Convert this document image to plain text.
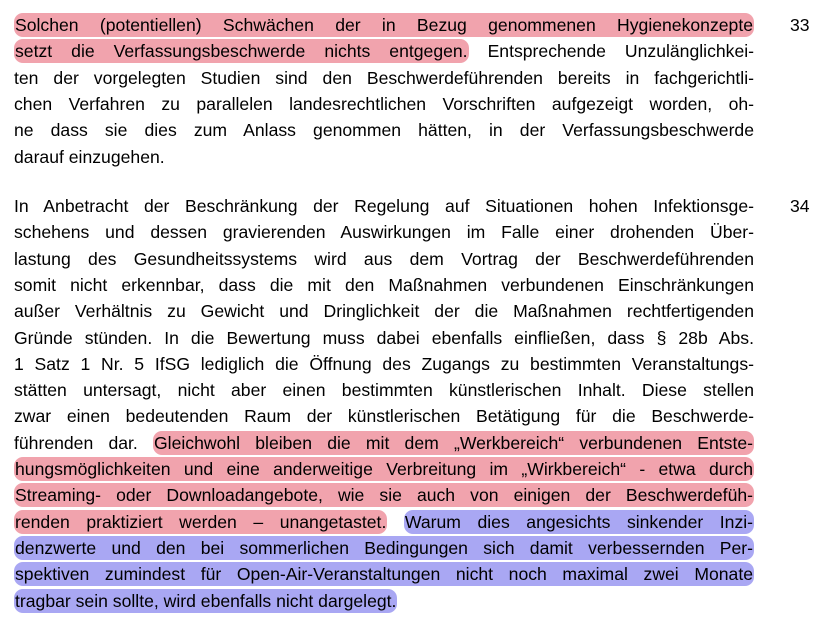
Solchen (potentiellen) Schwächen der in Bezug genommenen Hygienekonzepte
setzt die Verfassungsbeschwerde nichts entgegen. Entsprechende Unzulänglichkei-
ten der vorgelegten Studien sind den Beschwerdeführenden bereits in fachgerichtli-
chen Verfahren zu parallelen landesrechtlichen Vorschriften aufgezeigt worden, oh-
ne dass sie dies zum Anlass genommen hätten, in der Verfassungsbeschwerde
darauf einzugehen.
33
In Anbetracht der Beschränkung der Regelung auf Situationen hohen Infektionsge-
schehens und dessen gravierenden Auswirkungen im Falle einer drohenden Über-
lastung des Gesundheitssystems wird aus dem Vortrag der Beschwerdeführenden
somit nicht erkennbar, dass die mit den Maßnahmen verbundenen Einschränkungen
außer Verhältnis zu Gewicht und Dringlichkeit der die Maßnahmen rechtfertigenden
Gründe stünden. In die Bewertung muss dabei ebenfalls einfließen, dass § 28b Abs.
1 Satz 1 Nr. 5 IfSG lediglich die Öffnung des Zugangs zu bestimmten Veranstaltungs-
stätten untersagt, nicht aber einen bestimmten künstlerischen Inhalt. Diese stellen
zwar einen bedeutenden Raum der künstlerischen Betätigung für die Beschwerde-
führenden dar. Gleichwohl bleiben die mit dem „Werkbereich“ verbundenen Entste-
hungsmöglichkeiten und eine anderweitige Verbreitung im „Wirkbereich“ - etwa durch
Streaming- oder Downloadangebote, wie sie auch von einigen der Beschwerdefüh-
renden praktiziert werden – unangetastet. Warum dies angesichts sinkender Inzi-
denzwerte und den bei sommerlichen Bedingungen sich damit verbessernden Per-
spektiven zumindest für Open-Air-Veranstaltungen nicht noch maximal zwei Monate
tragbar sein sollte, wird ebenfalls nicht dargelegt.
34
